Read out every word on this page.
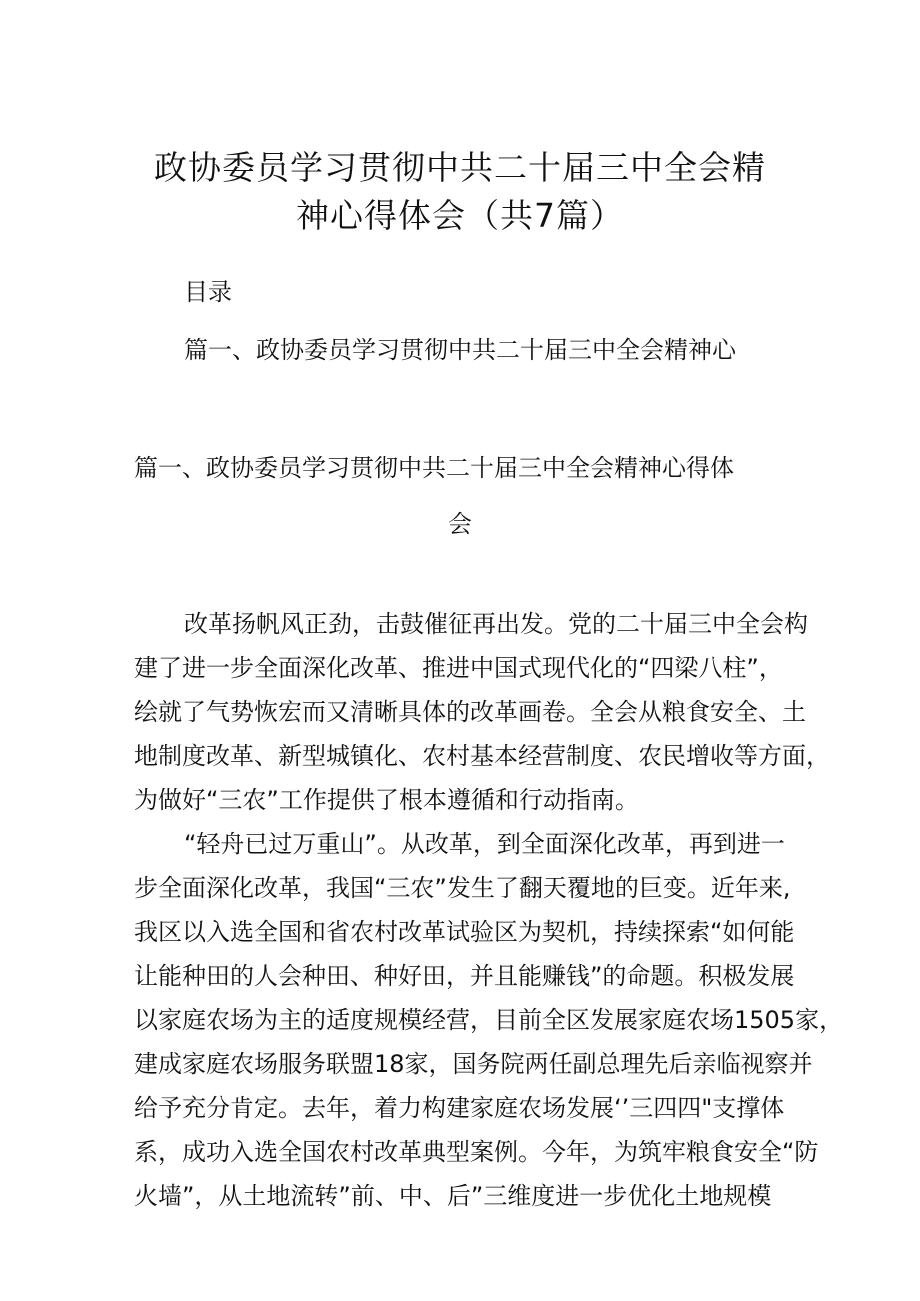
政协委员学习贯彻中共二十届三中全会精
神心得体会（共7篇）
目录
篇一、政协委员学习贯彻中共二十届三中全会精神心
篇一、政协委员学习贯彻中共二十届三中全会精神心得体
会
改革扬帆风正劲，击鼓催征再出发。党的二十届三中全会构
建了进一步全面深化改革、推进中国式现代化的“四梁八柱”，
绘就了气势恢宏而又清晰具体的改革画卷。全会从粮食安全、土
地制度改革、新型城镇化、农村基本经营制度、农民增收等方面，
为做好“三农”工作提供了根本遵循和行动指南。
“轻舟已过万重山”。从改革，到全面深化改革，再到进一
步全面深化改革，我国“三农”发生了翻天覆地的巨变。近年来,
我区以入选全国和省农村改革试验区为契机，持续探索“如何能
让能种田的人会种田、种好田，并且能赚钱”的命题。积极发展
以家庭农场为主的适度规模经营，目前全区发展家庭农场1505家，
建成家庭农场服务联盟18家，国务院两任副总理先后亲临视察并
给予充分肯定。去年，着力构建家庭农场发展‘’三四四"支撑体
系，成功入选全国农村改革典型案例。今年，为筑牢粮食安全“防
火墙”，从土地流转”前、中、后”三维度进一步优化土地规模
